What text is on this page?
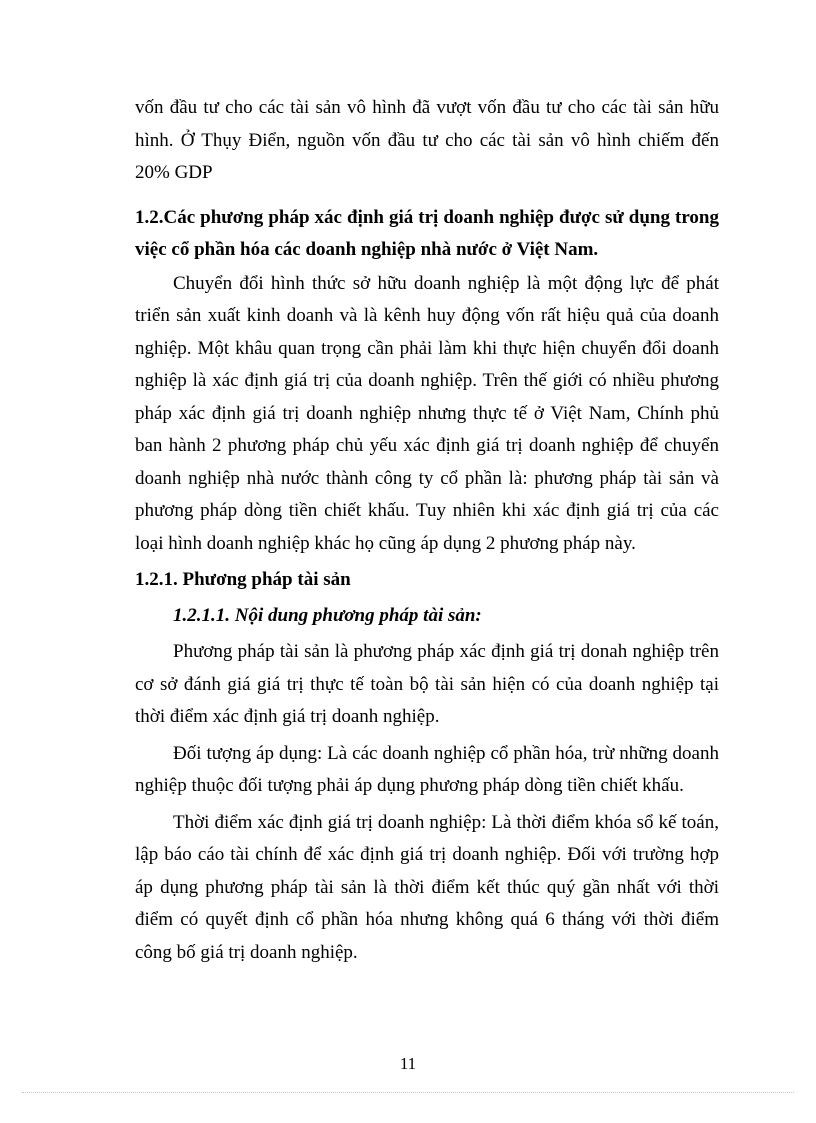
vốn đầu tư cho các tài sản vô hình đã vượt vốn đầu tư cho các tài sản hữu hình. Ở Thụy Điển, nguồn vốn đầu tư cho các tài sản vô hình chiếm đến 20% GDP

1.2.Các phương pháp xác định giá trị doanh nghiệp được sử dụng trong việc cổ phần hóa các doanh nghiệp nhà nước ở Việt Nam.

Chuyển đổi hình thức sở hữu doanh nghiệp là một động lực để phát triển sản xuất kinh doanh và là kênh huy động vốn rất hiệu quả của doanh nghiệp. Một khâu quan trọng cần phải làm khi thực hiện chuyển đổi doanh nghiệp là xác định giá trị của doanh nghiệp. Trên thế giới có nhiều phương pháp xác định giá trị doanh nghiệp nhưng thực tế ở Việt Nam, Chính phủ ban hành 2 phương pháp chủ yếu xác định giá trị doanh nghiệp để chuyển doanh nghiệp nhà nước thành công ty cổ phần là: phương pháp tài sản và phương pháp dòng tiền chiết khấu. Tuy nhiên khi xác định giá trị của các loại hình doanh nghiệp khác họ cũng áp dụng 2 phương pháp này.

1.2.1. Phương pháp tài sản

1.2.1.1. Nội dung phương pháp tài sản:

Phương pháp tài sản là phương pháp xác định giá trị donah nghiệp trên cơ sở đánh giá giá trị thực tế toàn bộ tài sản hiện có của doanh nghiệp tại thời điểm xác định giá trị doanh nghiệp.

Đối tượng áp dụng: Là các doanh nghiệp cổ phần hóa, trừ những doanh nghiệp thuộc đối tượng phải áp dụng phương pháp dòng tiền chiết khấu.

Thời điểm xác định giá trị doanh nghiệp: Là thời điểm khóa sổ kế toán, lập báo cáo tài chính để xác định giá trị doanh nghiệp. Đối với trường hợp áp dụng phương pháp tài sản là thời điểm kết thúc quý gần nhất với thời điểm có quyết định cổ phần hóa nhưng không quá 6 tháng với thời điểm công bố giá trị doanh nghiệp.

11
